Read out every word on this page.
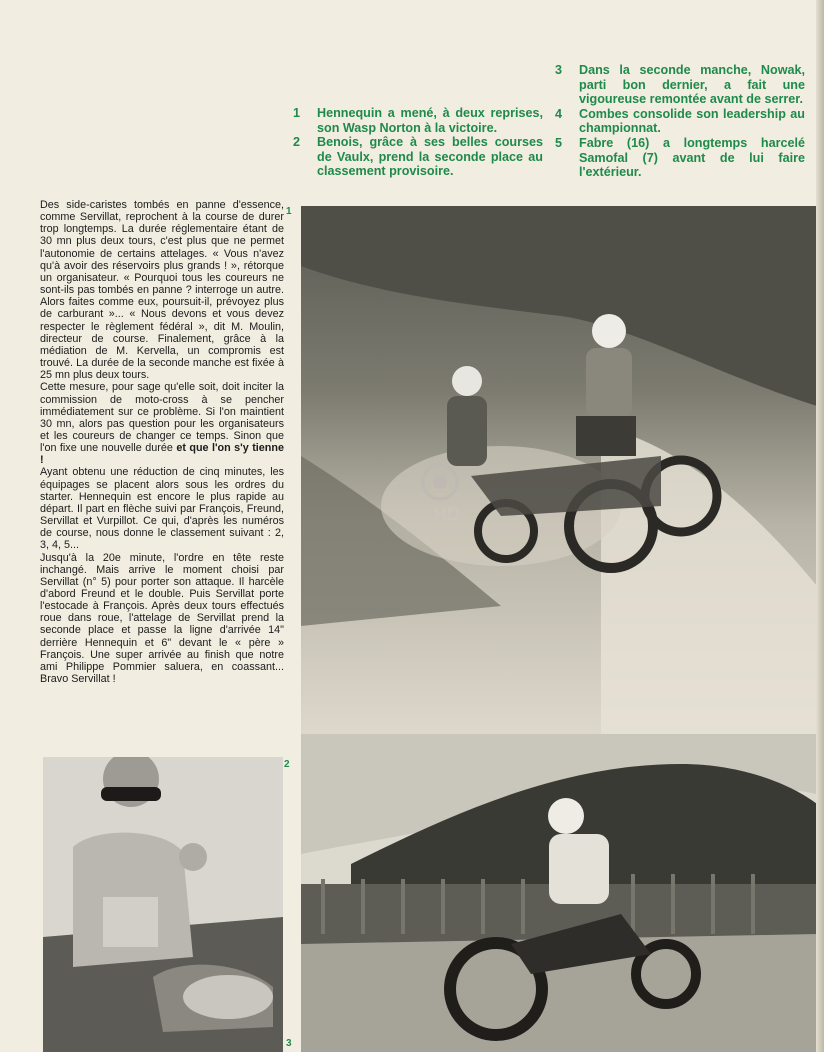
1	Hennequin a mené, à deux reprises, son Wasp Norton à la victoire.
2	Benois, grâce à ses belles courses de Vaulx, prend la seconde place au classement provisoire.
3	Dans la seconde manche, Nowak, parti bon dernier, a fait une vigoureuse remontée avant de serrer.
4	Combes consolide son leadership au championnat.
5	Fabre (16) a longtemps harcelé Samofal (7) avant de lui faire l'extérieur.

Des side-caristes tombés en panne d'essence, comme Servillat, reprochent à la course de durer trop longtemps. La durée réglementaire étant de 30 mn plus deux tours, c'est plus que ne permet l'autonomie de certains attelages. « Vous n'avez qu'à avoir des réservoirs plus grands ! », rétorque un organisateur. « Pourquoi tous les coureurs ne sont-ils pas tombés en panne ? interroge un autre. Alors faites comme eux, poursuit-il, prévoyez plus de carburant »... « Nous devons et vous devez respecter le règlement fédéral », dit M. Moulin, directeur de course. Finalement, grâce à la médiation de M. Kervella, un compromis est trouvé. La durée de la seconde manche est fixée à 25 mn plus deux tours.

Cette mesure, pour sage qu'elle soit, doit inciter la commission de moto-cross à se pencher immédiatement sur ce problème. Si l'on maintient 30 mn, alors pas question pour les organisateurs et les coureurs de changer ce temps. Sinon que l'on fixe une nouvelle durée et que l'on s'y tienne !

Ayant obtenu une réduction de cinq minutes, les équipages se placent alors sous les ordres du starter. Hennequin est encore le plus rapide au départ. Il part en flèche suivi par François, Freund, Servillat et Vurpillot. Ce qui, d'après les numéros de course, nous donne le classement suivant : 2, 3, 4, 5...

Jusqu'à la 20e minute, l'ordre en tête reste inchangé. Mais arrive le moment choisi par Servillat (n° 5) pour porter son attaque. Il harcèle d'abord Freund et le double. Puis Servillat porte l'estocade à François. Après deux tours effectués roue dans roue, l'attelage de Servillat prend la seconde place et passe la ligne d'arrivée 14" derrière Hennequin et 6" devant le « père » François. Une super arrivée au finish que notre ami Philippe Pommier saluera, en coassant... Bravo Servillat !

1
2
3
HD
